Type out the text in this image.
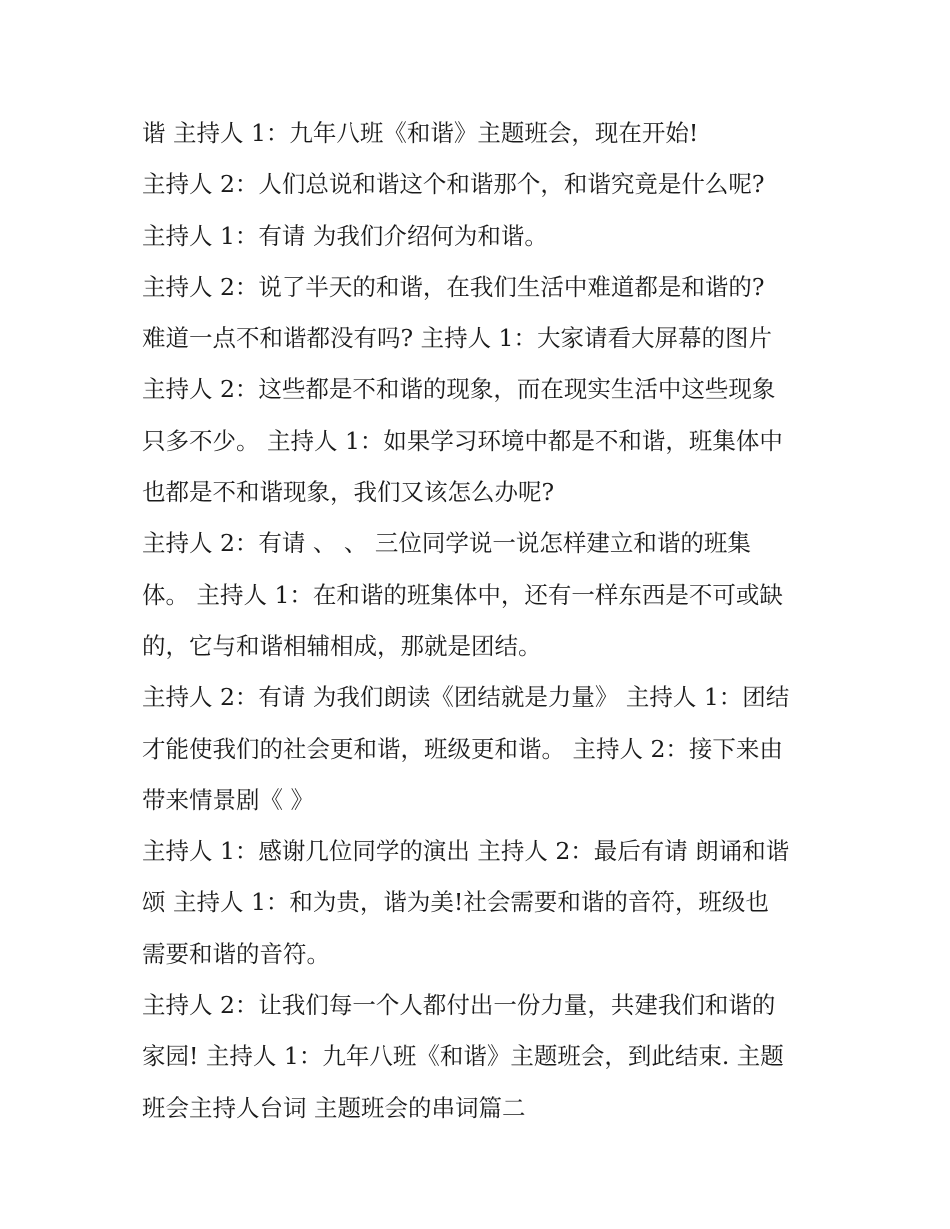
谐 主持人 1：九年八班《和谐》主题班会，现在开始!
主持人 2：人们总说和谐这个和谐那个，和谐究竟是什么呢?
主持人 1：有请 为我们介绍何为和谐。
主持人 2：说了半天的和谐，在我们生活中难道都是和谐的?
难道一点不和谐都没有吗? 主持人 1：大家请看大屏幕的图片
主持人 2：这些都是不和谐的现象，而在现实生活中这些现象
只多不少。 主持人 1：如果学习环境中都是不和谐，班集体中
也都是不和谐现象，我们又该怎么办呢?
主持人 2：有请 、 、 三位同学说一说怎样建立和谐的班集
体。 主持人 1：在和谐的班集体中，还有一样东西是不可或缺
的，它与和谐相辅相成，那就是团结。
主持人 2：有请 为我们朗读《团结就是力量》 主持人 1：团结
才能使我们的社会更和谐，班级更和谐。 主持人 2：接下来由
带来情景剧《 》
主持人 1：感谢几位同学的演出 主持人 2：最后有请 朗诵和谐
颂 主持人 1：和为贵，谐为美!社会需要和谐的音符，班级也
需要和谐的音符。
主持人 2：让我们每一个人都付出一份力量，共建我们和谐的
家园! 主持人 1：九年八班《和谐》主题班会，到此结束. 主题
班会主持人台词 主题班会的串词篇二
